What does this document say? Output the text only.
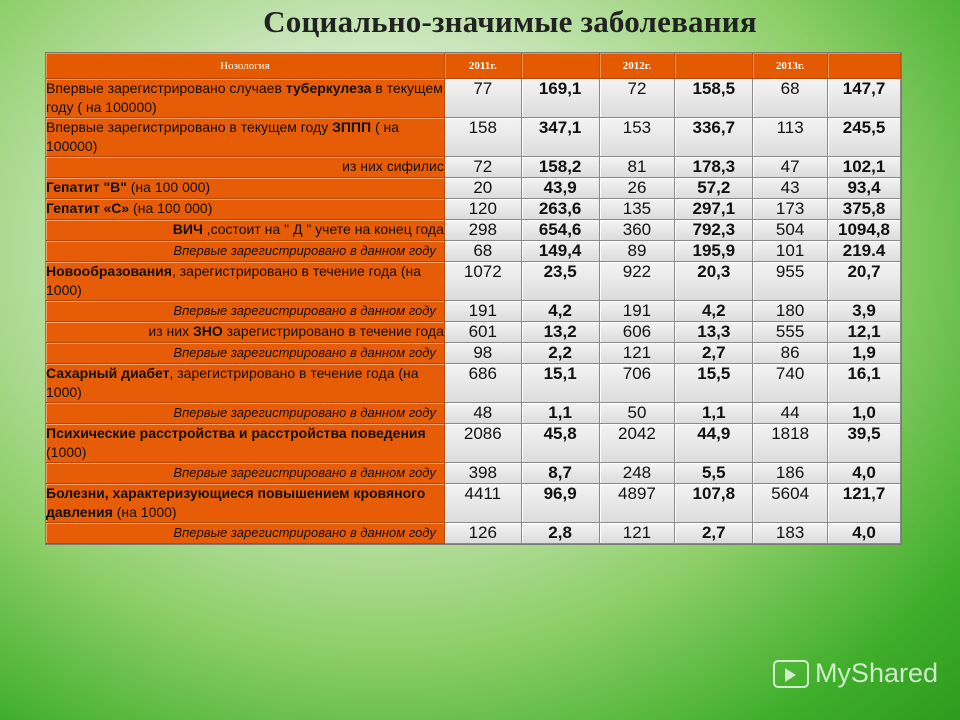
Социально-значимые заболевания
Нозология	2011г.		2012г.		2013г.	
Впервые зарегистрировано случаев туберкулеза в текущем году ( на 100000)	77	169,1	72	158,5	68	147,7
Впервые зарегистрировано в текущем году ЗППП ( на 100000)	158	347,1	153	336,7	113	245,5
из них сифилис	72	158,2	81	178,3	47	102,1
Гепатит "В" (на 100 000)	20	43,9	26	57,2	43	93,4
Гепатит «С» (на 100 000)	120	263,6	135	297,1	173	375,8
ВИЧ ,состоит на " Д " учете на конец года	298	654,6	360	792,3	504	1094,8
Впервые зарегистрировано в данном году	68	149,4	89	195,9	101	219.4
Новообразования, зарегистрировано в течение года (на 1000)	1072	23,5	922	20,3	955	20,7
Впервые зарегистрировано в данном году	191	4,2	191	4,2	180	3,9
из них ЗНО зарегистрировано в течение года	601	13,2	606	13,3	555	12,1
Впервые зарегистрировано в данном году	98	2,2	121	2,7	86	1,9
Сахарный диабет, зарегистрировано в течение года (на 1000)	686	15,1	706	15,5	740	16,1
Впервые зарегистрировано в данном году	48	1,1	50	1,1	44	1,0
Психические расстройства и расстройства поведения (1000)	2086	45,8	2042	44,9	1818	39,5
Впервые зарегистрировано в данном году	398	8,7	248	5,5	186	4,0
Болезни, характеризующиеся повышением кровяного давления (на 1000)	4411	96,9	4897	107,8	5604	121,7
Впервые зарегистрировано в данном году	126	2,8	121	2,7	183	4,0
MyShared
